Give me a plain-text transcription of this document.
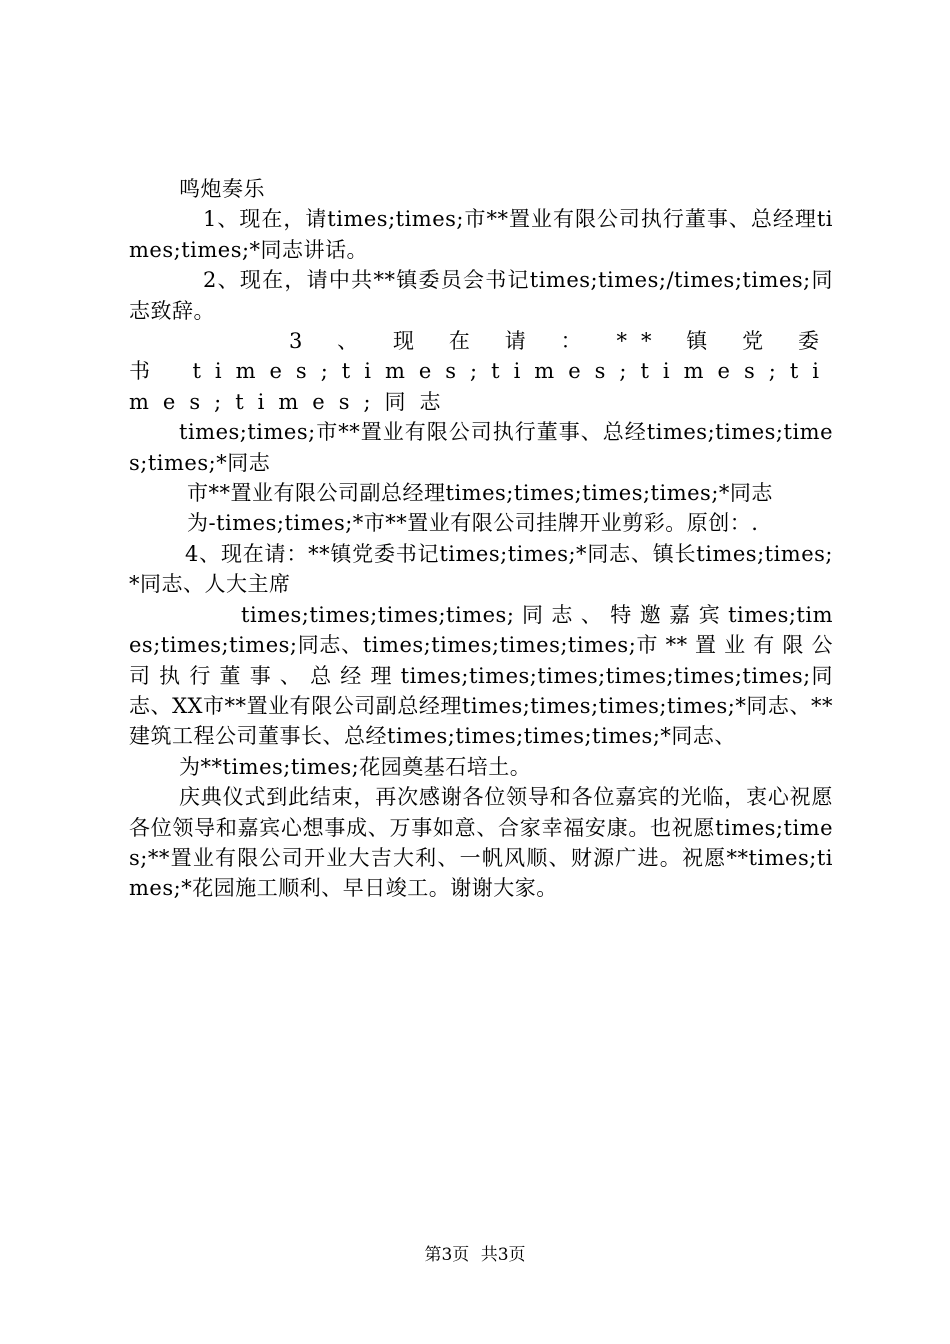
鸣炮奏乐

1、现在，请times;times;市**置业有限公司执行董事、总经理times;times;*同志讲话。

2、现在，请中共**镇委员会书记times;times;/times;times;同志致辞。

3 、 现 在 请 ： ** 镇 党 委 书 times;times;times;times;times;times;同志

times;times;市**置业有限公司执行董事、总经times;times;times;times;*同志

市**置业有限公司副总经理times;times;times;times;*同志

为-times;times;*市**置业有限公司挂牌开业剪彩。原创：.

4、现在请：**镇党委书记times;times;*同志、镇长times;times;*同志、人大主席

times;times;times;times; 同 志 、 特 邀 嘉 宾 times;times;times;times;同志、times;times;times;times;市 ** 置 业 有 限 公 司 执 行 董 事 、 总 经 理 times;times;times;times;times;times;同志、XX市**置业有限公司副总经理times;times;times;times;*同志、**建筑工程公司董事长、总经times;times;times;times;*同志、

为**times;times;花园奠基石培土。

庆典仪式到此结束，再次感谢各位领导和各位嘉宾的光临，衷心祝愿各位领导和嘉宾心想事成、万事如意、合家幸福安康。也祝愿times;times;**置业有限公司开业大吉大利、一帆风顺、财源广进。祝愿**times;times;*花园施工顺利、早日竣工。谢谢大家。

第3页 共3页
